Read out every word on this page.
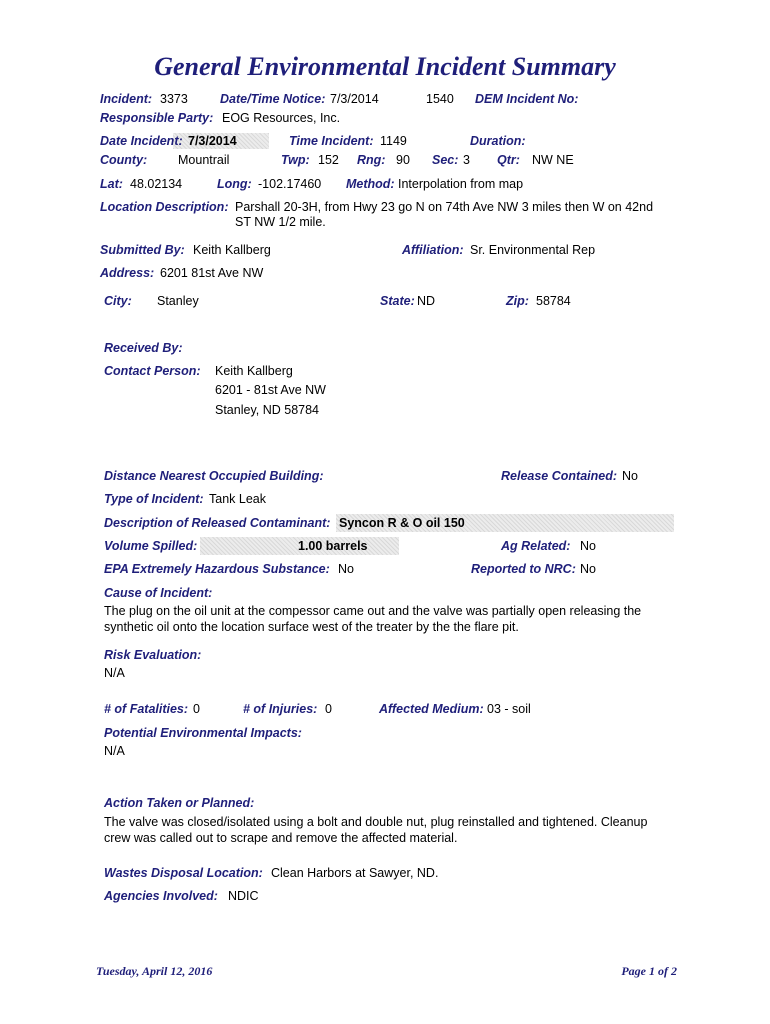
General Environmental Incident Summary
Incident: 3373	Date/Time Notice: 7/3/2014	1540 DEM Incident No:
Responsible Party: EOG Resources, Inc.
Date Incident: 7/3/2014	Time Incident: 1149	Duration:
County: Mountrail	Twp: 152 Rng: 90 Sec: 3 Qtr: NW NE
Lat: 48.02134	Long: -102.17460 Method: Interpolation from map
Location Description: Parshall 20-3H, from Hwy 23 go N on 74th Ave NW 3 miles then W on 42nd
ST NW 1/2 mile.
Submitted By: Keith Kallberg	Affiliation: Sr. Environmental Rep
Address: 6201 81st Ave NW
City: Stanley	State: ND	Zip: 58784
Received By:
Contact Person: Keith Kallberg
6201 - 81st Ave NW
Stanley, ND 58784
Distance Nearest Occupied Building:	Release Contained: No
Type of Incident: Tank Leak
Description of Released Contaminant: Syncon R & O oil 150
Volume Spilled:	1.00 barrels	Ag Related: No
EPA Extremely Hazardous Substance: No	Reported to NRC: No
Cause of Incident:
The plug on the oil unit at the compessor came out and the valve was partially open releasing the synthetic oil onto the location surface west of the treater by the the flare pit.
Risk Evaluation:
N/A
# of Fatalities: 0	# of Injuries: 0	Affected Medium: 03 - soil
Potential Environmental Impacts:
N/A
Action Taken or Planned:
The valve was closed/isolated using a bolt and double nut, plug reinstalled and tightened. Cleanup crew was called out to scrape and remove the affected material.
Wastes Disposal Location: Clean Harbors at Sawyer, ND.
Agencies Involved: NDIC
Tuesday, April 12, 2016	Page 1 of 2
